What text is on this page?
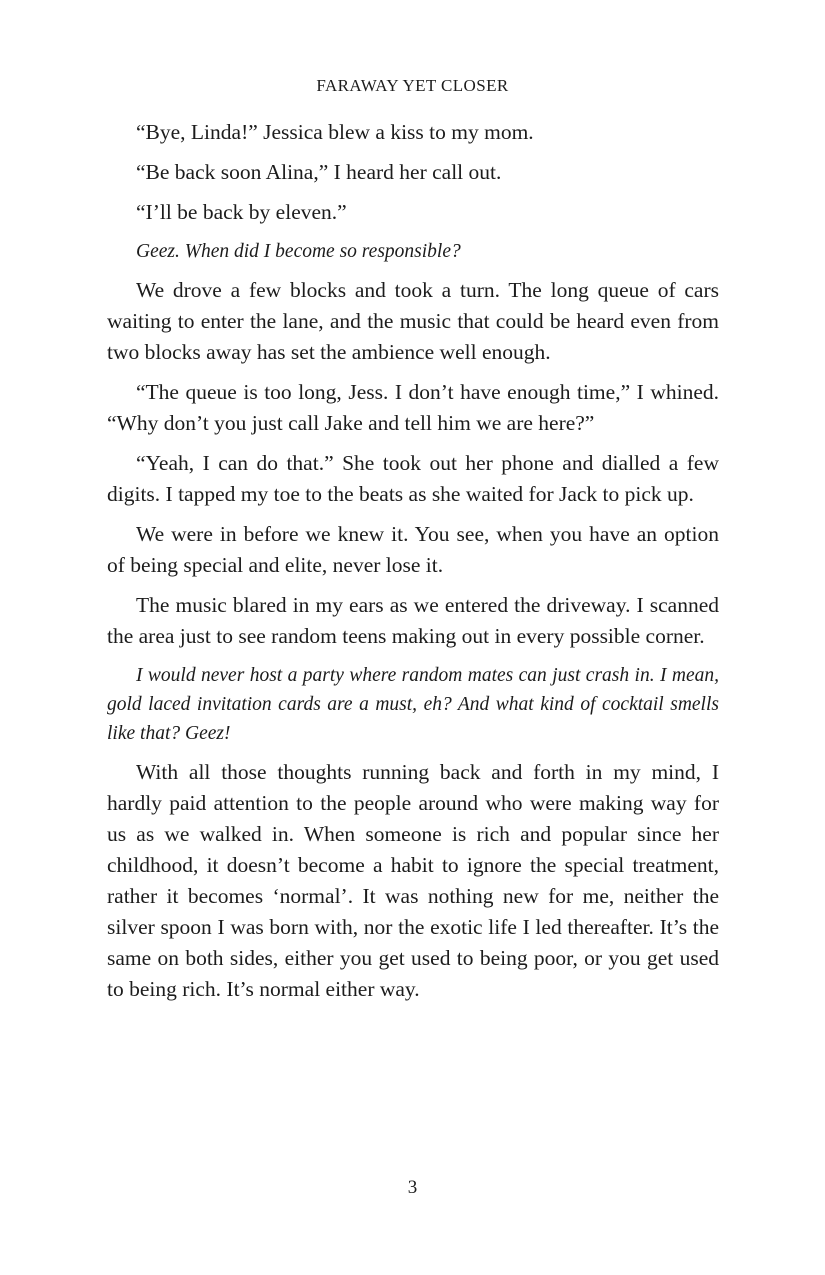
FARAWAY YET CLOSER

“Bye, Linda!” Jessica blew a kiss to my mom.

“Be back soon Alina,” I heard her call out.

“I’ll be back by eleven.”

Geez. When did I become so responsible?

We drove a few blocks and took a turn. The long queue of cars waiting to enter the lane, and the music that could be heard even from two blocks away has set the ambience well enough.

“The queue is too long, Jess. I don’t have enough time,” I whined. “Why don’t you just call Jake and tell him we are here?”

“Yeah, I can do that.” She took out her phone and dialled a few digits. I tapped my toe to the beats as she waited for Jack to pick up.

We were in before we knew it. You see, when you have an option of being special and elite, never lose it.

The music blared in my ears as we entered the driveway. I scanned the area just to see random teens making out in every possible corner.

I would never host a party where random mates can just crash in. I mean, gold laced invitation cards are a must, eh? And what kind of cocktail smells like that? Geez!

With all those thoughts running back and forth in my mind, I hardly paid attention to the people around who were making way for us as we walked in. When someone is rich and popular since her childhood, it doesn’t become a habit to ignore the special treatment, rather it becomes ‘normal’. It was nothing new for me, neither the silver spoon I was born with, nor the exotic life I led thereafter. It’s the same on both sides, either you get used to being poor, or you get used to being rich. It’s normal either way.

3
